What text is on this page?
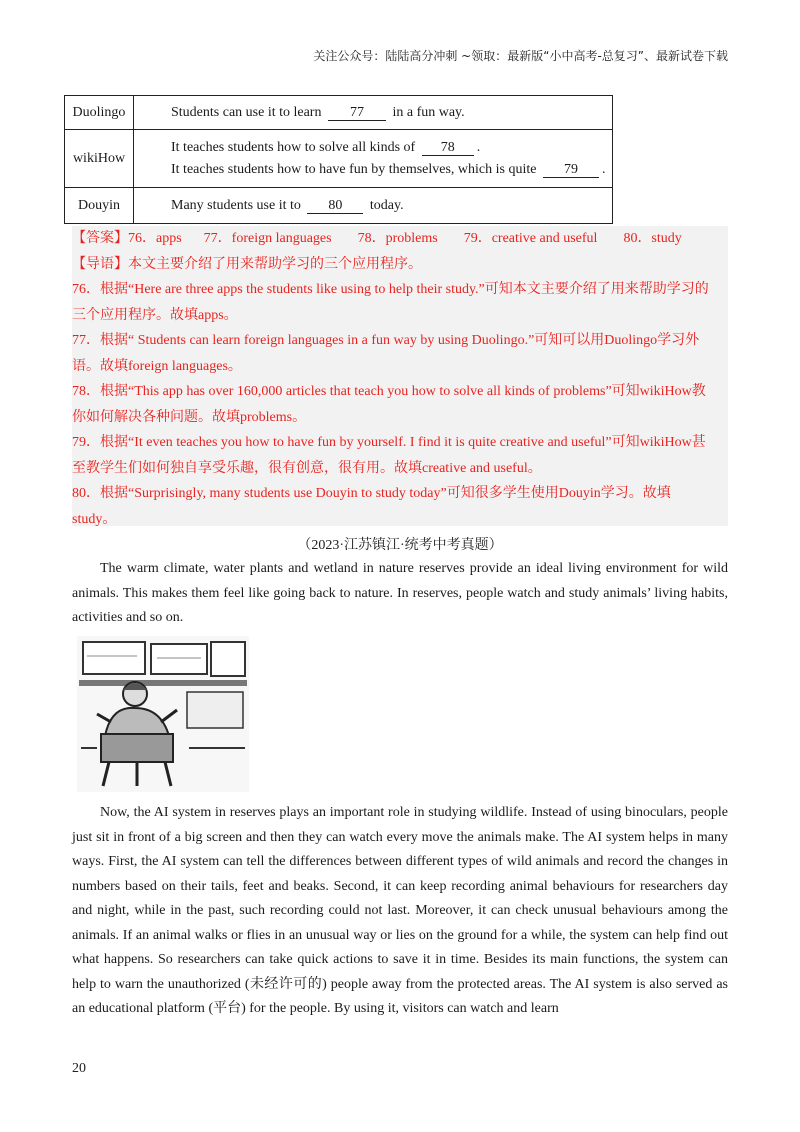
关注公众号：陆陆高分冲刺 ~领取：最新版“小中高考-总复习”、最新试卷下载
Duolingo	Students can use it to learn 77 in a fun way.
wikiHow	It teaches students how to solve all kinds of 78 .
It teaches students how to have fun by themselves, which is quite 79 .

Douyin	Many students use it to 80 today.

【答案】76．apps 77．foreign languages 78．problems 79．creative and useful 80．study

【导语】本文主要介绍了用来帮助学习的三个应用程序。

76．根据“Here are three apps the students like using to help their study.”可知本文主要介绍了用来帮助学习的

三个应用程序。故填apps。

77．根据“ Students can learn foreign languages in a fun way by using Duolingo.”可知可以用Duolingo学习外

语。故填foreign languages。

78．根据“This app has over 160,000 articles that teach you how to solve all kinds of problems”可知wikiHow教

你如何解决各种问题。故填problems。

79．根据“It even teaches you how to have fun by yourself. I find it is quite creative and useful”可知wikiHow甚

至教学生们如何独自享受乐趣，很有创意，很有用。故填creative and useful。

80．根据“Surprisingly, many students use Douyin to study today”可知很多学生使用Douyin学习。故填

study。

（2023·江苏镇江·统考中考真题）

The warm climate, water plants and wetland in nature reserves provide an ideal living environment for wild animals. This makes them feel like going back to nature. In reserves, people watch and study animals’ living habits, activities and so on.

Now, the AI system in reserves plays an important role in studying wildlife. Instead of using binoculars, people just sit in front of a big screen and then they can watch every move the animals make. The AI system helps in many ways. First, the AI system can tell the differences between different types of wild animals and record the changes in numbers based on their tails, feet and beaks. Second, it can keep recording animal behaviours for researchers day and night, while in the past, such recording could not last. Moreover, it can check unusual behaviours among the animals. If an animal walks or flies in an unusual way or lies on the ground for a while, the system can help find out what happens. So researchers can take quick actions to save it in time. Besides its main functions, the system can help to warn the unauthorized (未经许可的) people away from the protected areas. The AI system is also served as an educational platform (平台) for the people. By using it, visitors can watch and learn

20
